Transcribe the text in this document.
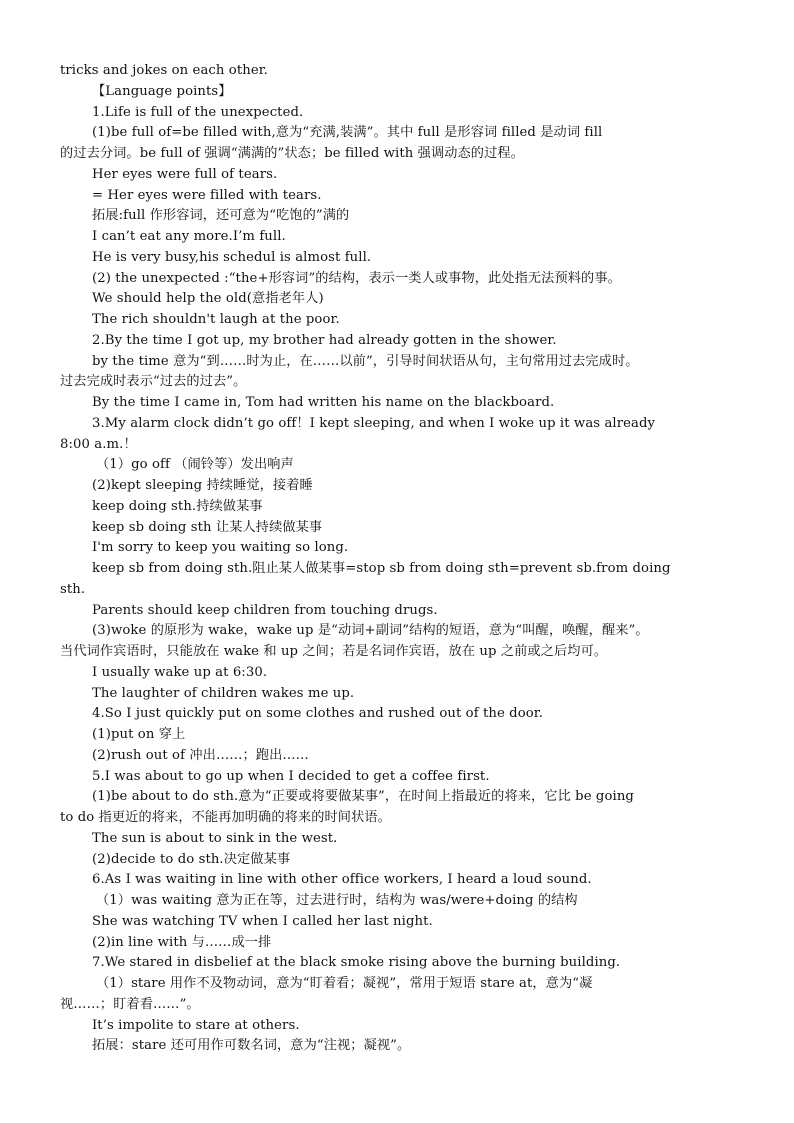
tricks and jokes on each other.
【Language points】
1.Life is full of the unexpected.
(1)be full of=be filled with,意为“充满,装满”。其中 full 是形容词 filled 是动词 fill
的过去分词。be full of 强调“满满的”状态；be filled with 强调动态的过程。
Her eyes were full of tears.
= Her eyes were filled with tears.
拓展:full 作形容词，还可意为“吃饱的”满的
I can’t eat any more.I’m full.
He is very busy,his schedul is almost full.
(2) the unexpected :“the+形容词”的结构，表示一类人或事物，此处指无法预料的事。
We should help the old(意指老年人)
The rich shouldn't laugh at the poor.
2.By the time I got up, my brother had already gotten in the shower.
by the time 意为“到……时为止，在……以前”，引导时间状语从句，主句常用过去完成时。
过去完成时表示“过去的过去”。
By the time I came in, Tom had written his name on the blackboard.
3.My alarm clock didn’t go off！I kept sleeping, and when I woke up it was already
8:00 a.m.！
（1）go off （闹铃等）发出响声
(2)kept sleeping 持续睡觉，接着睡
keep doing sth.持续做某事
keep sb doing sth 让某人持续做某事
I'm sorry to keep you waiting so long.
keep sb from doing sth.阻止某人做某事=stop sb from doing sth=prevent sb.from doing
sth.
Parents should keep children from touching drugs.
(3)woke 的原形为 wake，wake up 是“动词+副词”结构的短语，意为“叫醒，唤醒，醒来”。
当代词作宾语时，只能放在 wake 和 up 之间；若是名词作宾语，放在 up 之前或之后均可。
I usually wake up at 6:30.
The laughter of children wakes me up.
4.So I just quickly put on some clothes and rushed out of the door.
(1)put on 穿上
(2)rush out of 冲出……；跑出……
5.I was about to go up when I decided to get a coffee first.
(1)be about to do sth.意为“正要或将要做某事”，在时间上指最近的将来，它比 be going
to do 指更近的将来，不能再加明确的将来的时间状语。
The sun is about to sink in the west.
(2)decide to do sth.决定做某事
6.As I was waiting in line with other office workers, I heard a loud sound.
（1）was waiting 意为正在等，过去进行时，结构为 was/were+doing 的结构
She was watching TV when I called her last night.
(2)in line with 与……成一排
7.We stared in disbelief at the black smoke rising above the burning building.
（1）stare 用作不及物动词，意为“盯着看；凝视”，常用于短语 stare at，意为“凝
视……；盯着看……”。
It’s impolite to stare at others.
拓展：stare 还可用作可数名词，意为“注视；凝视”。
